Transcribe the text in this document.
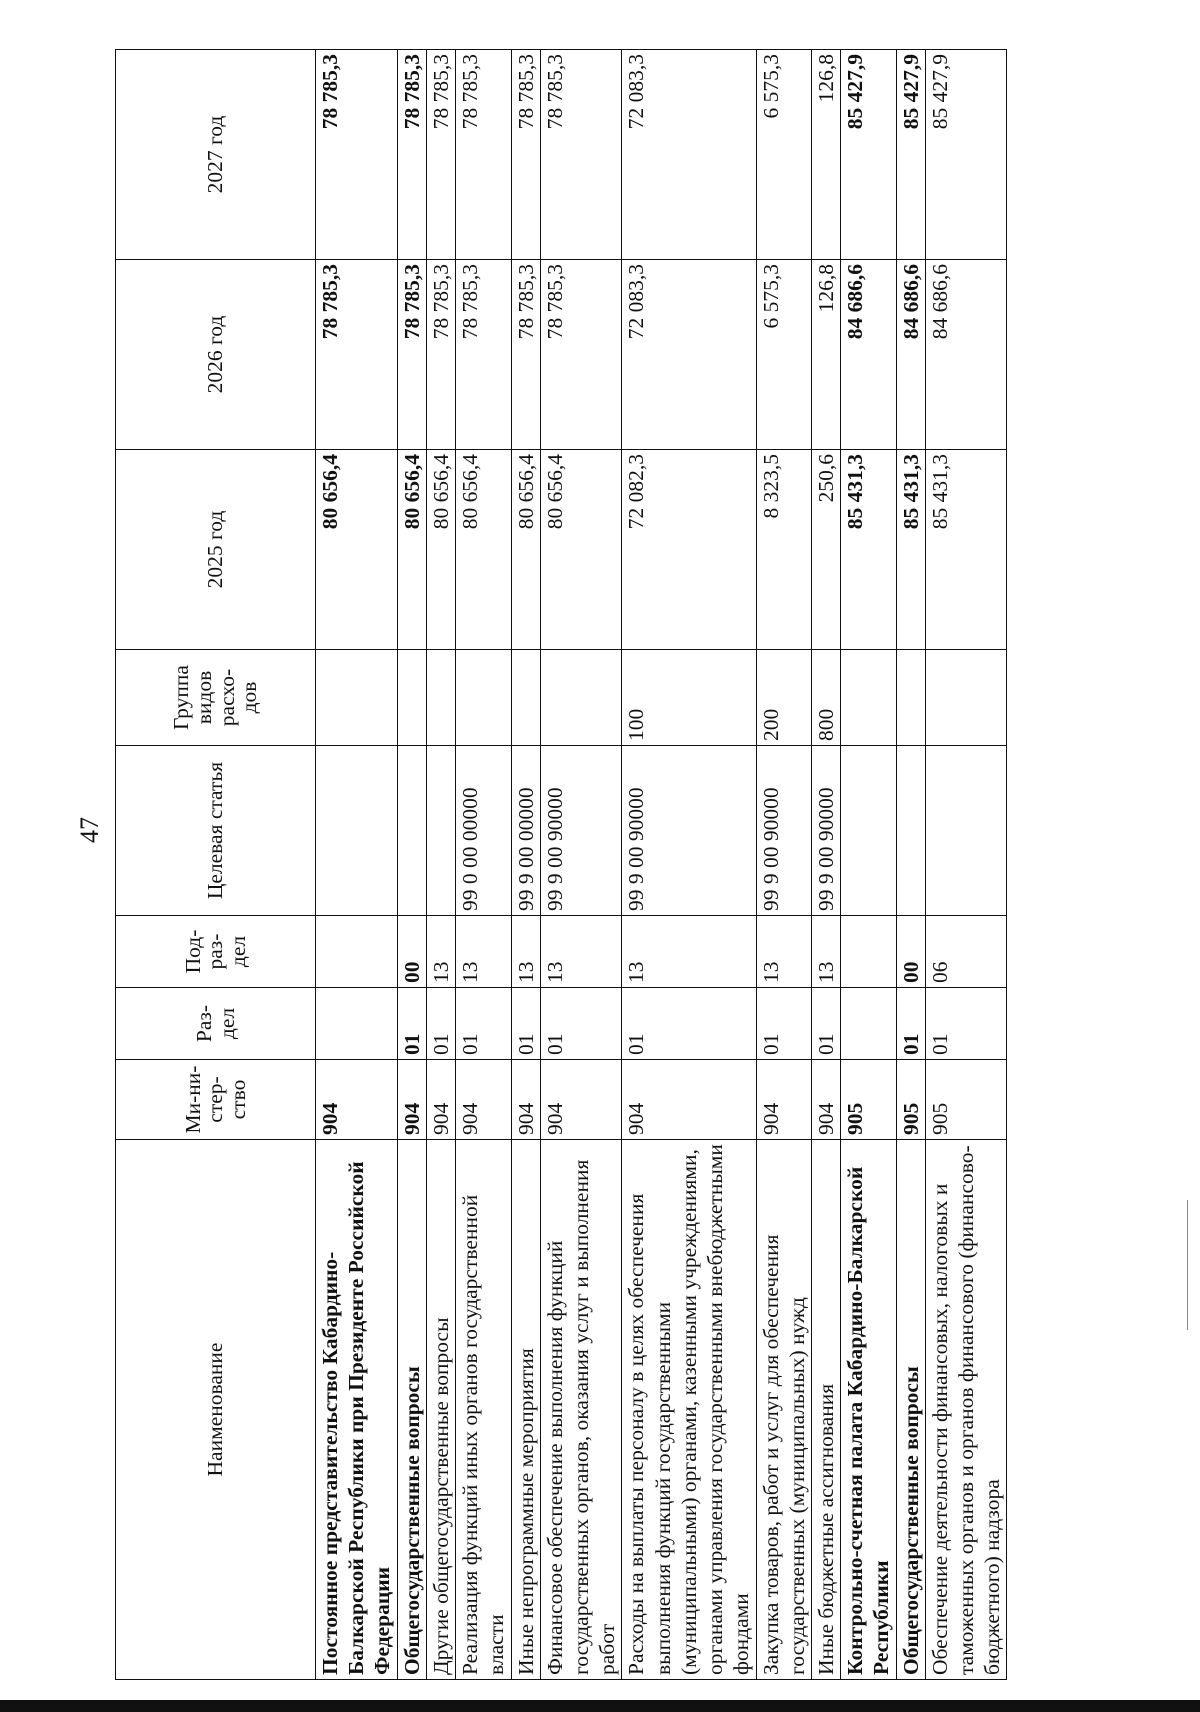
47
Наименование	Ми-ни-стер-ство	Раз-дел	Под-раз-дел	Целевая статья	Группа видов расхо-дов	2025 год	2026 год	2027 год
Постоянное представительство Кабардино-Балкарской Республики при Президенте Российской Федерации	904					80 656,4	78 785,3	78 785,3
Общегосударственные вопросы	904	01	00			80 656,4	78 785,3	78 785,3
Другие общегосударственные вопросы	904	01	13			80 656,4	78 785,3	78 785,3
Реализация функций иных органов государственной власти	904	01	13	99 0 00 00000		80 656,4	78 785,3	78 785,3
Иные непрограммные мероприятия	904	01	13	99 9 00 00000		80 656,4	78 785,3	78 785,3
Финансовое обеспечение выполнения функций государственных органов, оказания услуг и выполнения работ	904	01	13	99 9 00 90000		80 656,4	78 785,3	78 785,3
Расходы на выплаты персоналу в целях обеспечения выполнения функций государственными (муниципальными) органами, казенными учреждениями, органами управления государственными внебюджетными фондами	904	01	13	99 9 00 90000	100	72 082,3	72 083,3	72 083,3
Закупка товаров, работ и услуг для обеспечения государственных (муниципальных) нужд	904	01	13	99 9 00 90000	200	8 323,5	6 575,3	6 575,3
Иные бюджетные ассигнования	904	01	13	99 9 00 90000	800	250,6	126,8	126,8
Контрольно-счетная палата Кабардино-Балкарской Республики	905					85 431,3	84 686,6	85 427,9
Общегосударственные вопросы	905	01	00			85 431,3	84 686,6	85 427,9
Обеспечение деятельности финансовых, налоговых и таможенных органов и органов финансового (финансово-бюджетного) надзора	905	01	06			85 431,3	84 686,6	85 427,9
